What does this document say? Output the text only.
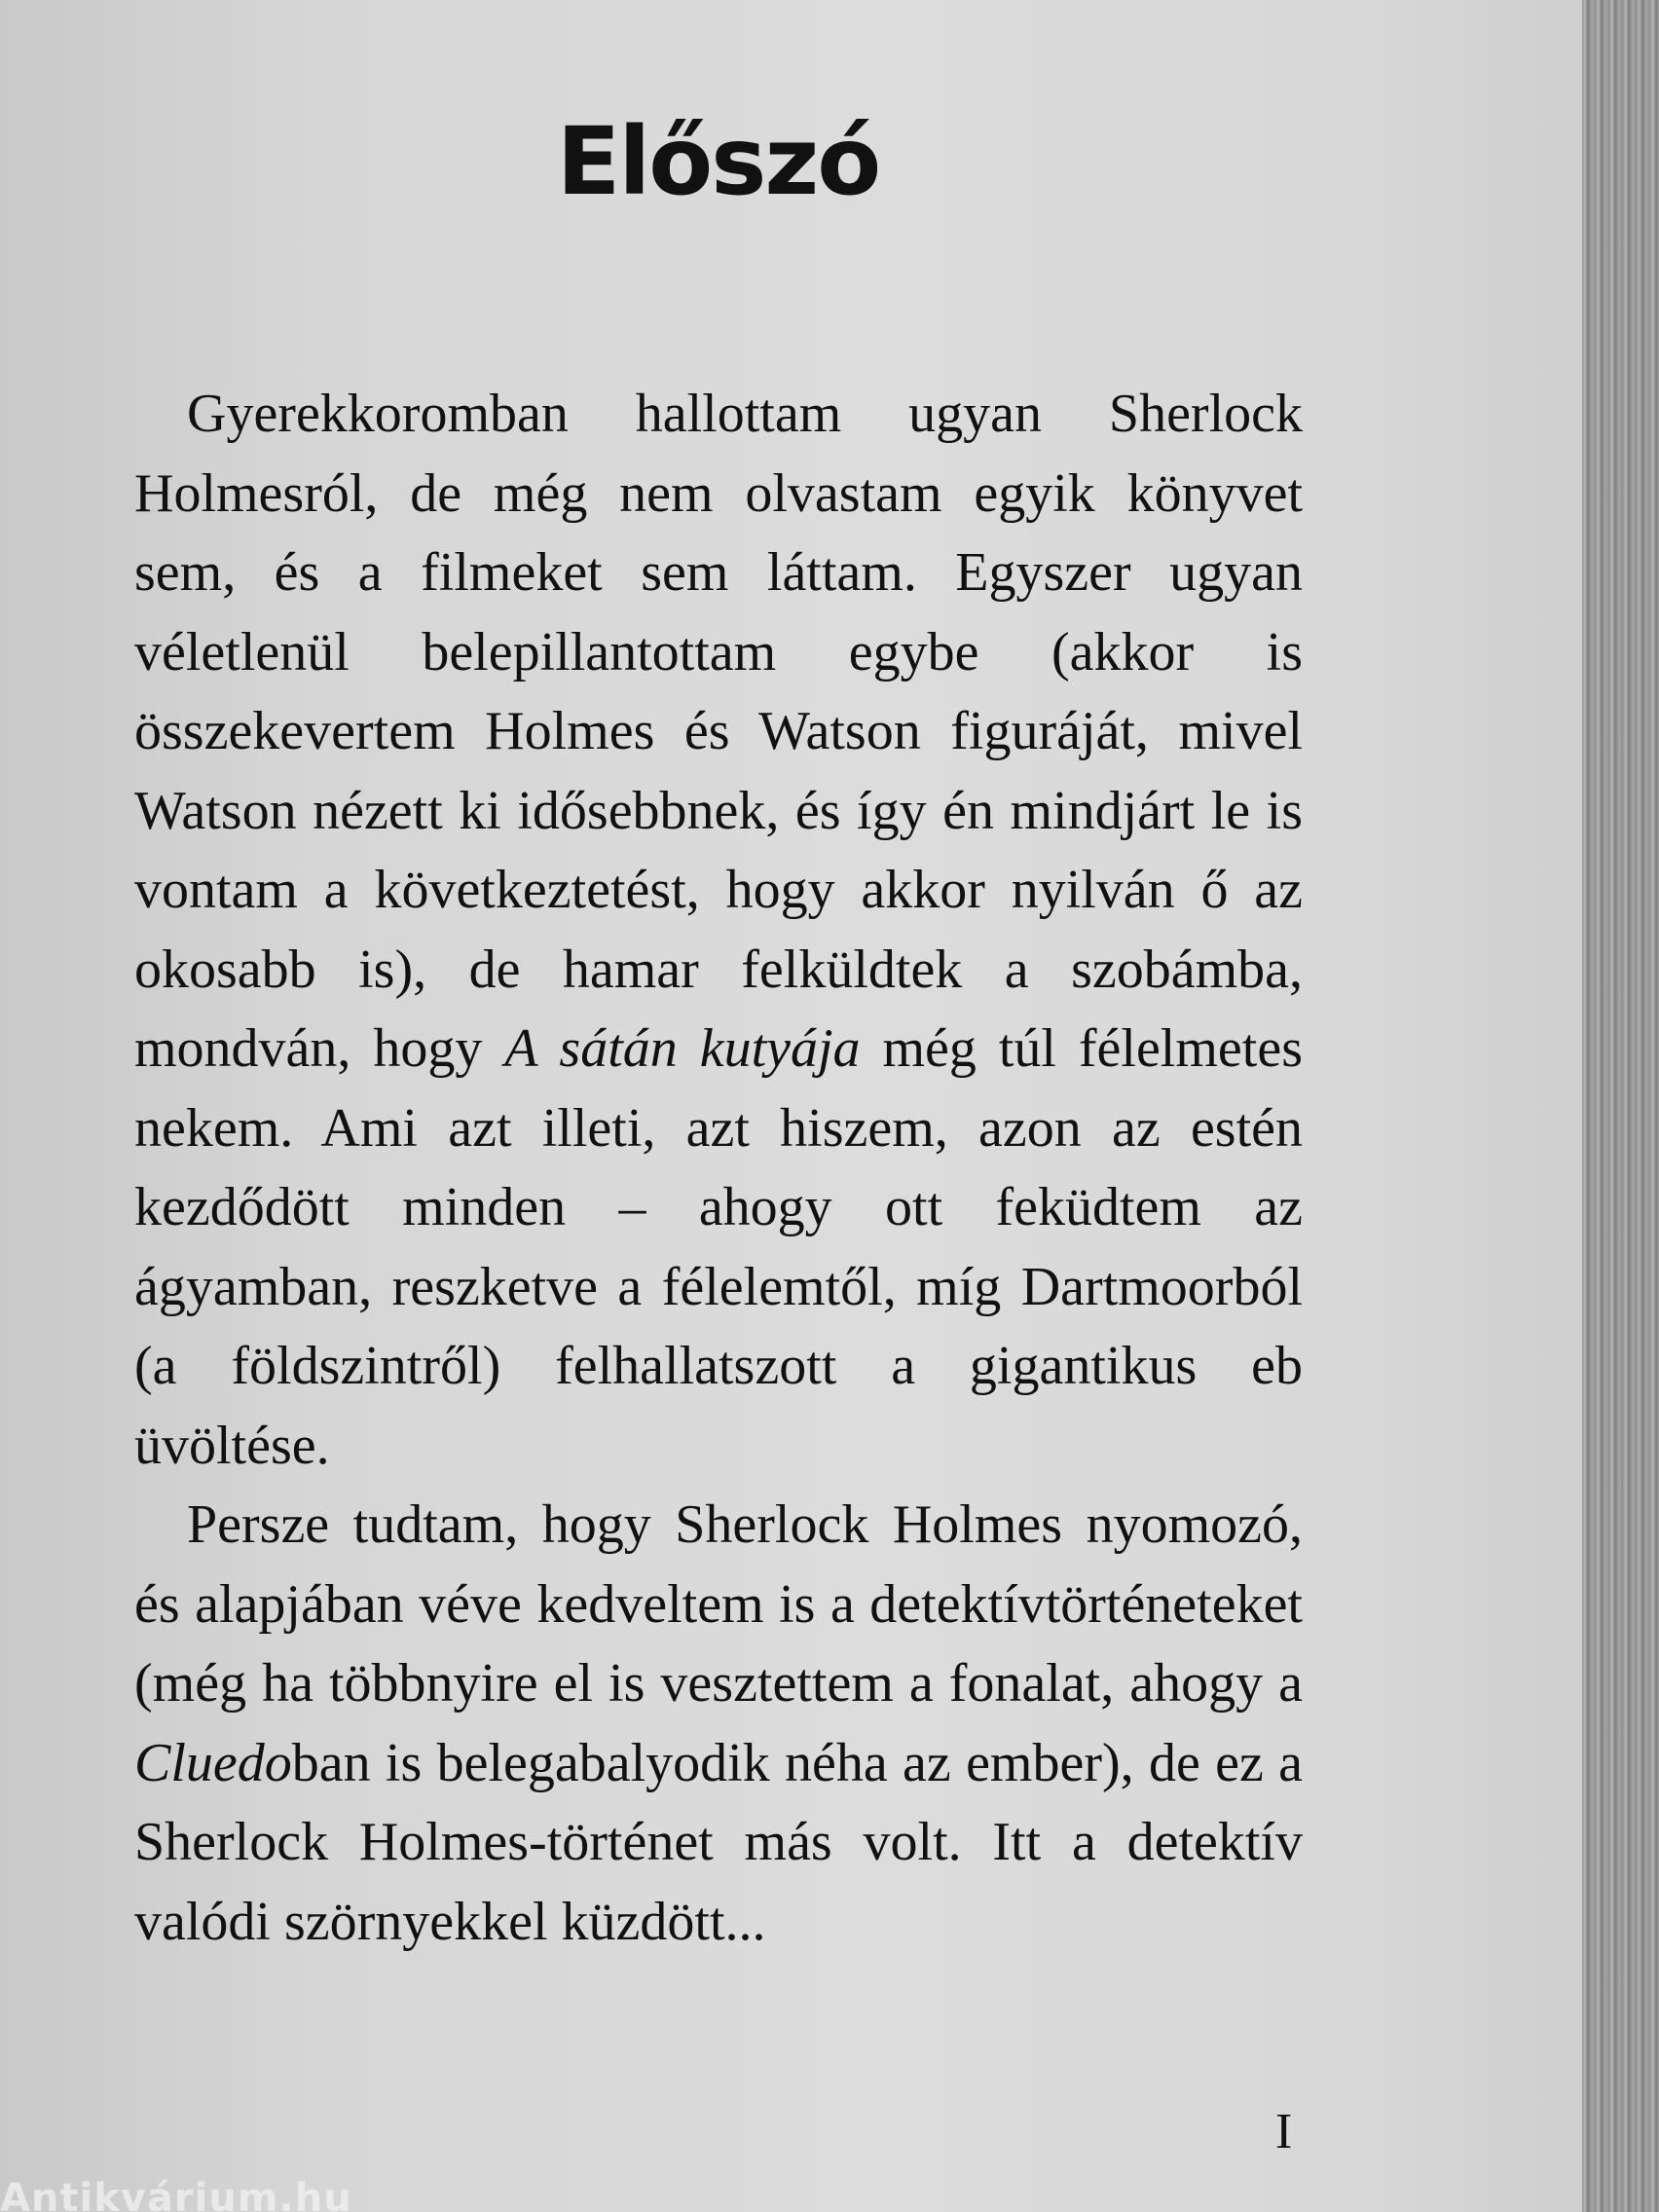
Előszó

Gyerekkoromban hallottam ugyan Sherlock Holmesról, de még nem olvastam egyik könyvet sem, és a filmeket sem láttam. Egyszer ugyan véletlenül belepillantottam egybe (akkor is összekevertem Holmes és Watson figuráját, mivel Watson nézett ki idősebbnek, és így én mindjárt le is vontam a következtetést, hogy akkor nyilván ő az okosabb is), de hamar felküldtek a szobámba, mondván, hogy A sátán kutyája még túl félelmetes nekem. Ami azt illeti, azt hiszem, azon az estén kezdődött minden – ahogy ott feküdtem az ágyamban, reszketve a félelemtől, míg Dartmoorból (a földszintről) felhallatszott a gigantikus eb üvöltése.

Persze tudtam, hogy Sherlock Holmes nyomozó, és alapjában véve kedveltem is a detektívtörténeteket (még ha többnyire el is vesztettem a fonalat, ahogy a Cluedoban is belegabalyodik néha az ember), de ez a Sherlock Holmes-történet más volt. Itt a detektív valódi szörnyekkel küzdött...

I
Antikvárium.hu
